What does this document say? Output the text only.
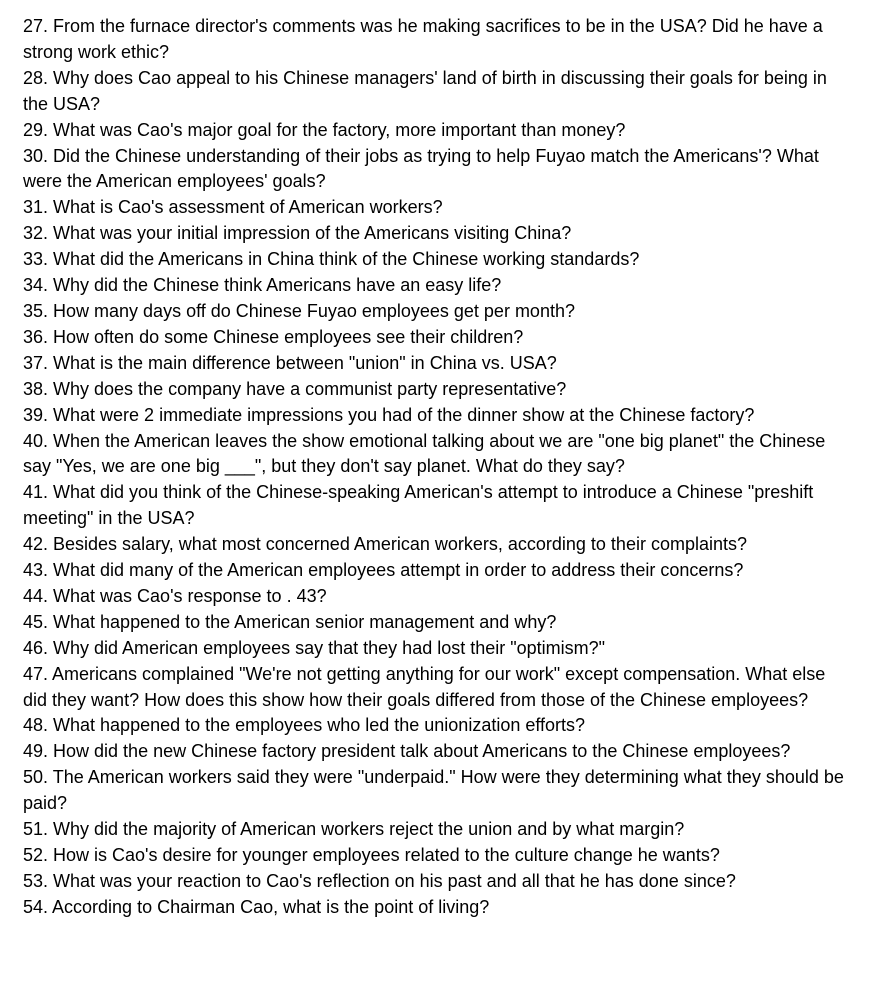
27. From the furnace director's comments was he making sacrifices to be in the USA? Did he have a strong work ethic?

28. Why does Cao appeal to his Chinese managers' land of birth in discussing their goals for being in the USA?

29. What was Cao's major goal for the factory, more important than money?

30. Did the Chinese understanding of their jobs as trying to help Fuyao match the Americans'? What were the American employees' goals?

31. What is Cao's assessment of American workers?

32. What was your initial impression of the Americans visiting China?

33. What did the Americans in China think of the Chinese working standards?

34. Why did the Chinese think Americans have an easy life?

35. How many days off do Chinese Fuyao employees get per month?

36. How often do some Chinese employees see their children?

37. What is the main difference between "union" in China vs. USA?

38. Why does the company have a communist party representative?

39. What were 2 immediate impressions you had of the dinner show at the Chinese factory?

40. When the American leaves the show emotional talking about we are "one big planet" the Chinese say "Yes, we are one big ___", but they don't say planet. What do they say?

41. What did you think of the Chinese-speaking American's attempt to introduce a Chinese "preshift meeting" in the USA?

42. Besides salary, what most concerned American workers, according to their complaints?

43. What did many of the American employees attempt in order to address their concerns?

44. What was Cao's response to . 43?

45. What happened to the American senior management and why?

46. Why did American employees say that they had lost their "optimism?"

47. Americans complained "We're not getting anything for our work" except compensation. What else did they want? How does this show how their goals differed from those of the Chinese employees?

48. What happened to the employees who led the unionization efforts?

49. How did the new Chinese factory president talk about Americans to the Chinese employees?

50. The American workers said they were "underpaid." How were they determining what they should be paid?

51. Why did the majority of American workers reject the union and by what margin?

52. How is Cao's desire for younger employees related to the culture change he wants?

53. What was your reaction to Cao's reflection on his past and all that he has done since?

54. According to Chairman Cao, what is the point of living?
